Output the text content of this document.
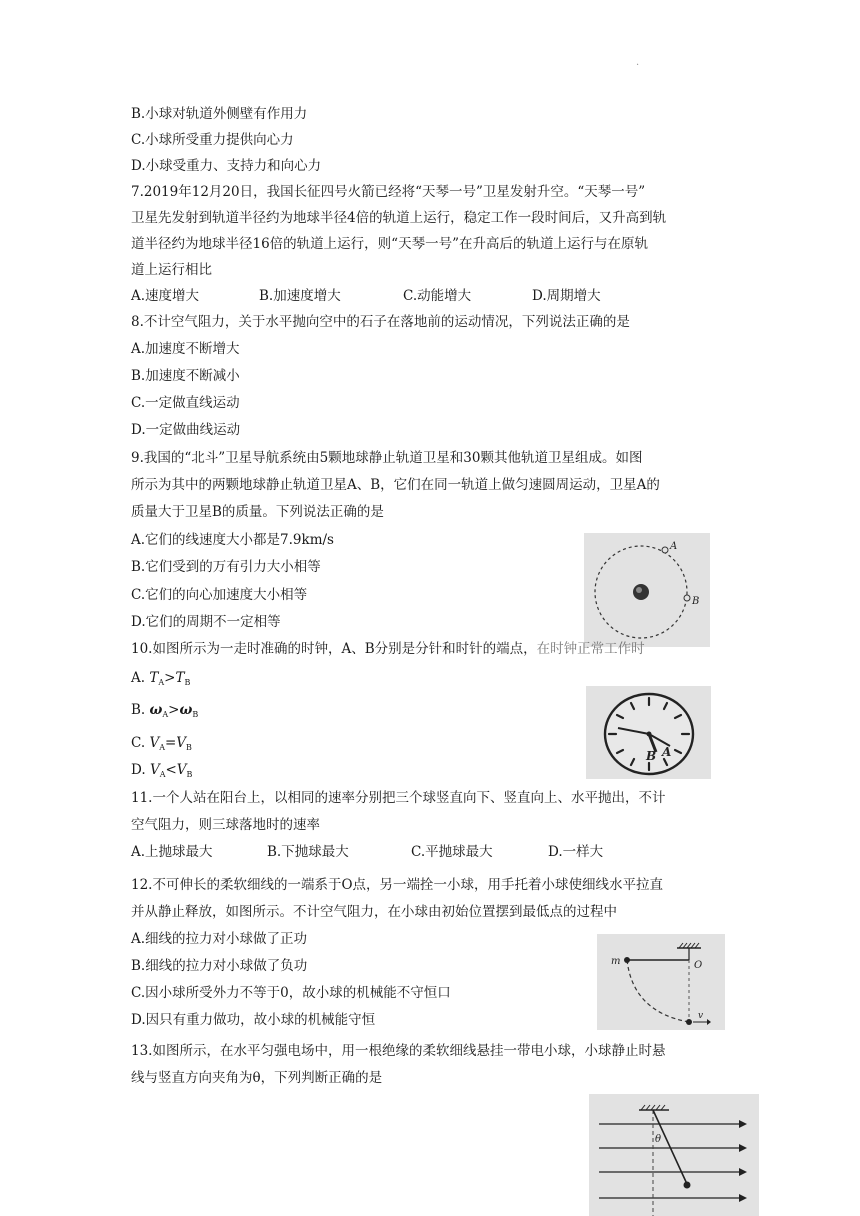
·
B.小球对轨道外侧壁有作用力
C.小球所受重力提供向心力
D.小球受重力、支持力和向心力
7.2019年12月20日，我国长征四号火箭已经将“天琴一号”卫星发射升空。“天琴一号”
卫星先发射到轨道半径约为地球半径4倍的轨道上运行，稳定工作一段时间后，又升高到轨
道半径约为地球半径16倍的轨道上运行，则“天琴一号”在升高后的轨道上运行与在原轨
道上运行相比
A.速度增大	B.加速度增大	C.动能增大	D.周期增大
8.不计空气阻力，关于水平抛向空中的石子在落地前的运动情况，下列说法正确的是
A.加速度不断增大
B.加速度不断减小
C.一定做直线运动
D.一定做曲线运动
9.我国的“北斗”卫星导航系统由5颗地球静止轨道卫星和30颗其他轨道卫星组成。如图
所示为其中的两颗地球静止轨道卫星A、B，它们在同一轨道上做匀速圆周运动，卫星A的
质量大于卫星B的质量。下列说法正确的是
A.它们的线速度大小都是7.9km/s
B.它们受到的万有引力大小相等
C.它们的向心加速度大小相等
D.它们的周期不一定相等
A
B
10.如图所示为一走时准确的时钟，A、B分别是分针和时针的端点，在时钟正常工作时
A. $T_A>T_B$
B. $\omega_A>\omega_B$
C. $V_A=V_B$
D. $V_A<V_B$
B A
11.一个人站在阳台上，以相同的速率分别把三个球竖直向下、竖直向上、水平抛出，不计
空气阻力，则三球落地时的速率
A.上抛球最大	B.下抛球最大	C.平抛球最大	D.一样大
12.不可伸长的柔软细线的一端系于O点，另一端拴一小球，用手托着小球使细线水平拉直
并从静止释放，如图所示。不计空气阻力，在小球由初始位置摆到最低点的过程中
A.细线的拉力对小球做了正功
B.细线的拉力对小球做了负功
C.因小球所受外力不等于0，故小球的机械能不守恒口
D.因只有重力做功，故小球的机械能守恒
m	O
v
13.如图所示，在水平匀强电场中，用一根绝缘的柔软细线悬挂一带电小球，小球静止时悬
线与竖直方向夹角为θ，下列判断正确的是
θ
